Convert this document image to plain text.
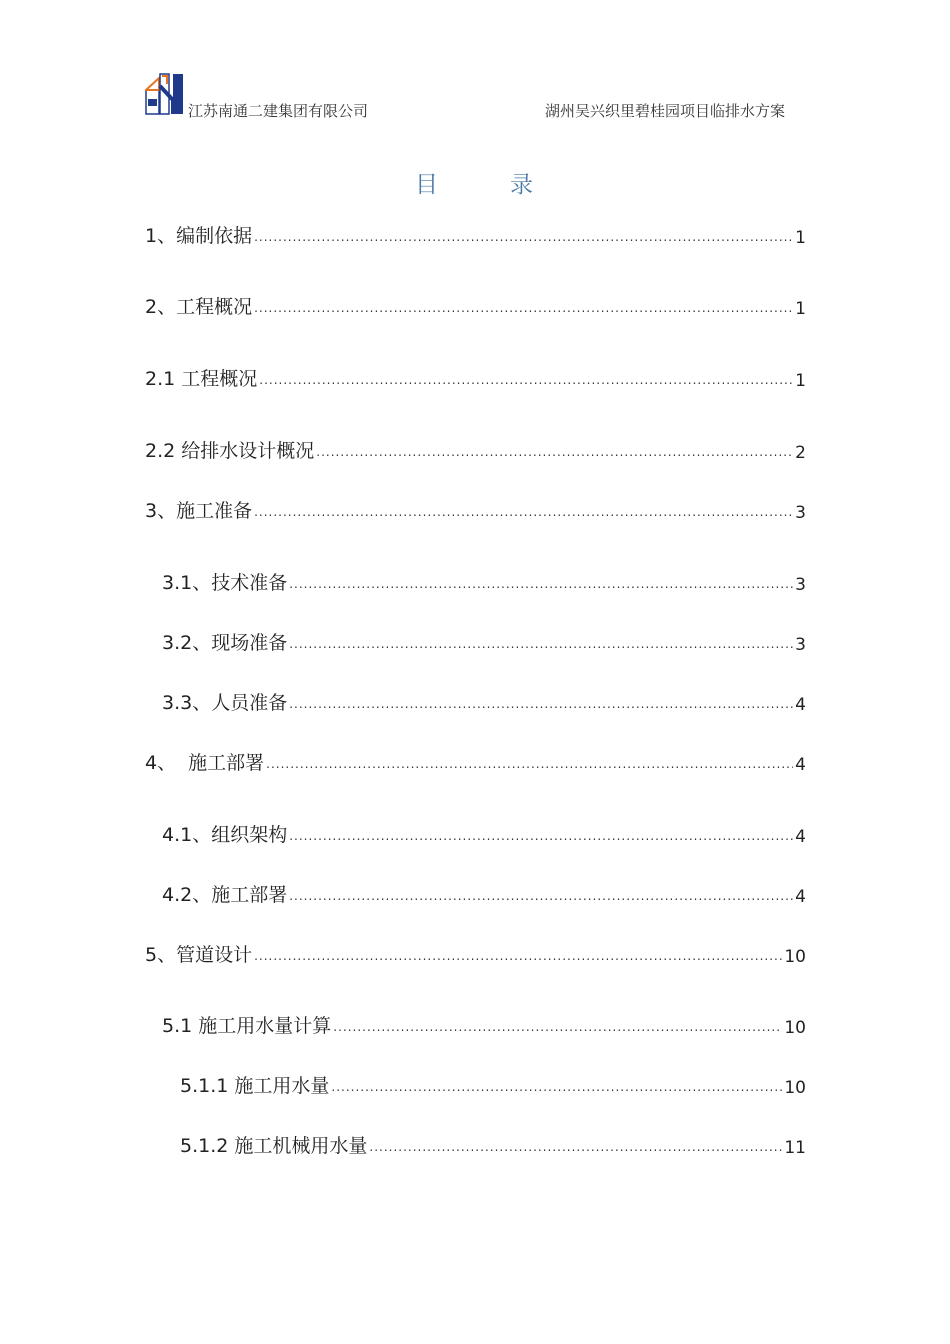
江苏南通二建集团有限公司	湖州吴兴织里碧桂园项目临排水方案
目	录
1、编制依据 .....	1
2、工程概况 .....	1
2.1 工程概况 .....	1
2.2 给排水设计概况 .....	2
3、施工准备 .....	3
3.1、技术准备 .....	3
3.2、现场准备 .....	3
3.3、人员准备 .....	4
4、  施工部署 .....	4
4.1、组织架构 .....	4
4.2、施工部署 .....	4
5、管道设计 .....	10
5.1 施工用水量计算 .....	10
5.1.1 施工用水量 .....	10
5.1.2 施工机械用水量 .....	11
